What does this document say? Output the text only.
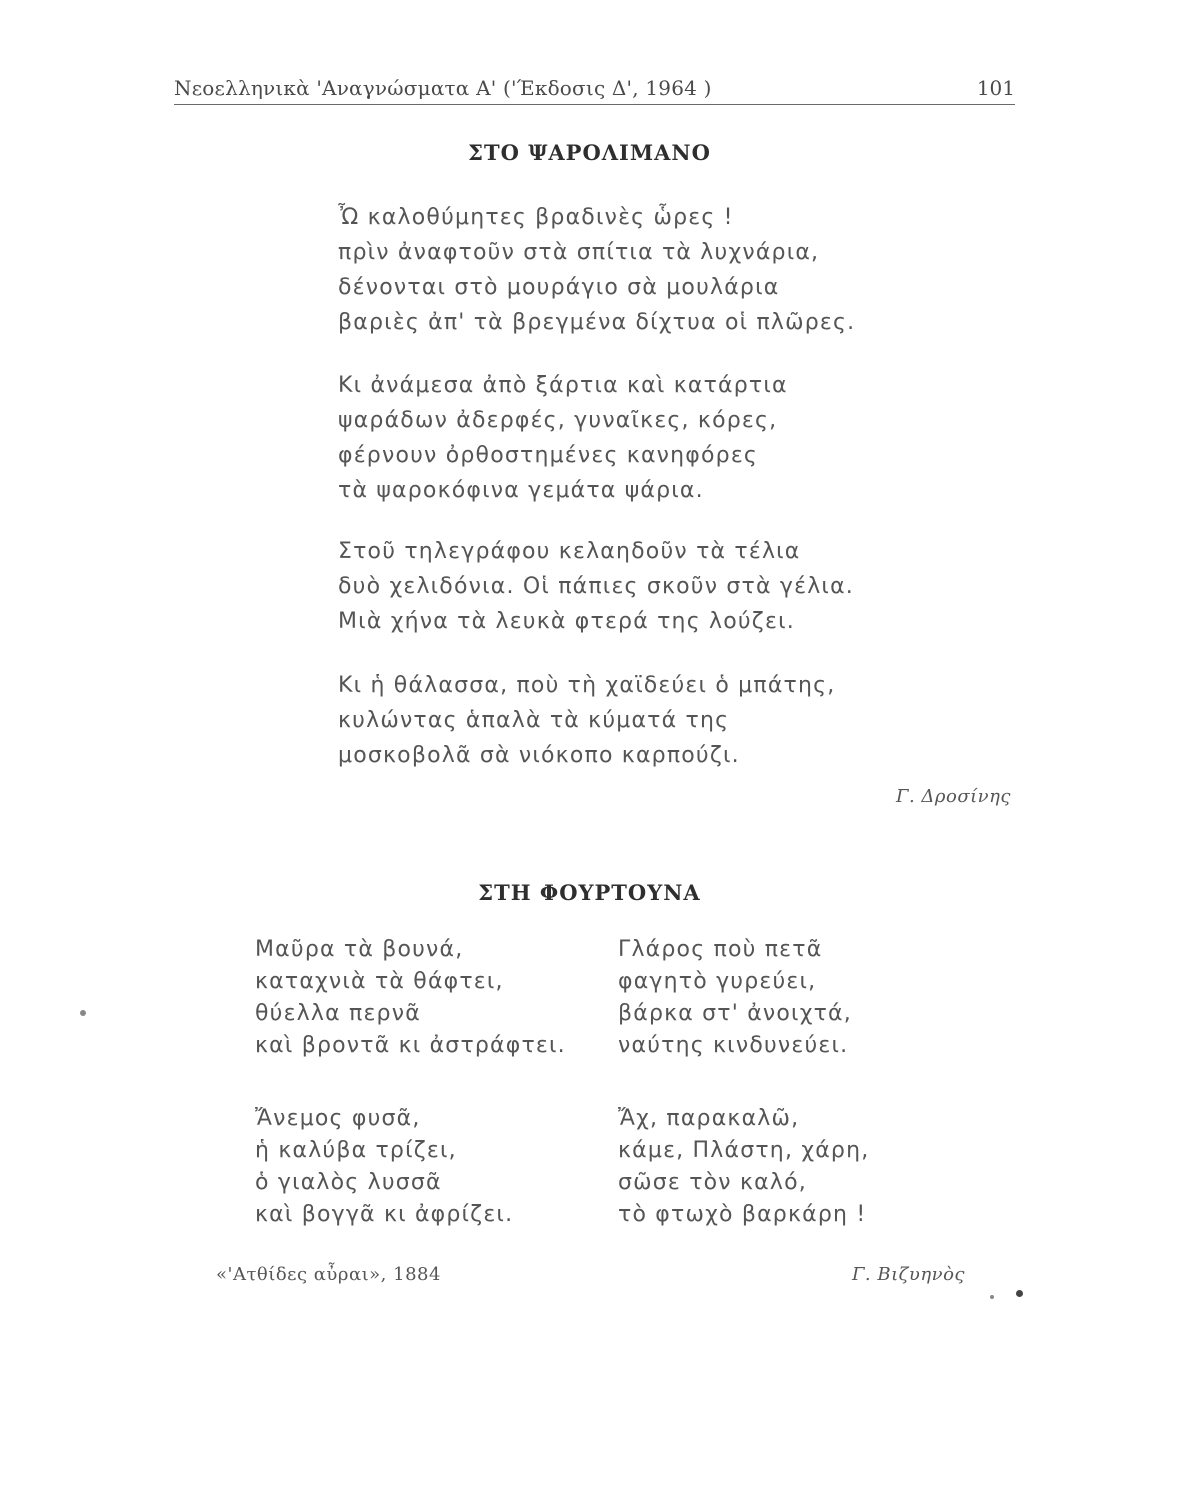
Νεοελληνικὰ 'Αναγνώσματα Α' ('Έκδοσις Δ', 1964 )	101
ΣΤΟ ΨΑΡΟΛΙΜΑΝΟ
Ὦ καλοθύμητες βραδινὲς ὧρες !
πρὶν ἀναφτοῦν στὰ σπίτια τὰ λυχνάρια,
δένονται στὸ μουράγιο σὰ μουλάρια
βαριὲς ἀπ' τὰ βρεγμένα δίχτυα οἱ πλῶρες.
Κι ἀνάμεσα ἀπὸ ξάρτια καὶ κατάρτια
ψαράδων ἀδερφές, γυναῖκες, κόρες,
φέρνουν ὀρθοστημένες κανηφόρες
τὰ ψαροκόφινα γεμάτα ψάρια.
Στοῦ τηλεγράφου κελαηδοῦν τὰ τέλια
δυὸ χελιδόνια. Οἱ πάπιες σκοῦν στὰ γέλια.
Μιὰ χήνα τὰ λευκὰ φτερά της λούζει.
Κι ἡ θάλασσα, ποὺ τὴ χαϊδεύει ὁ μπάτης,
κυλώντας ἁπαλὰ τὰ κύματά της
μοσκοβολᾶ σὰ νιόκοπο καρπούζι.
Γ. Δροσίνης
ΣΤΗ ΦΟΥΡΤΟΥΝΑ
Μαῦρα τὰ βουνά,
καταχνιὰ τὰ θάφτει,
θύελλα περνᾶ
καὶ βροντᾶ κι ἀστράφτει.
Γλάρος ποὺ πετᾶ
φαγητὸ γυρεύει,
βάρκα στ' ἀνοιχτά,
ναύτης κινδυνεύει.
Ἄνεμος φυσᾶ,
ἡ καλύβα τρίζει,
ὁ γιαλὸς λυσσᾶ
καὶ βογγᾶ κι ἀφρίζει.
Ἄχ, παρακαλῶ,
κάμε, Πλάστη, χάρη,
σῶσε τὸν καλό,
τὸ φτωχὸ βαρκάρη !
«'Ατθίδες αὖραι», 1884	Γ. Βιζυηνὸς
